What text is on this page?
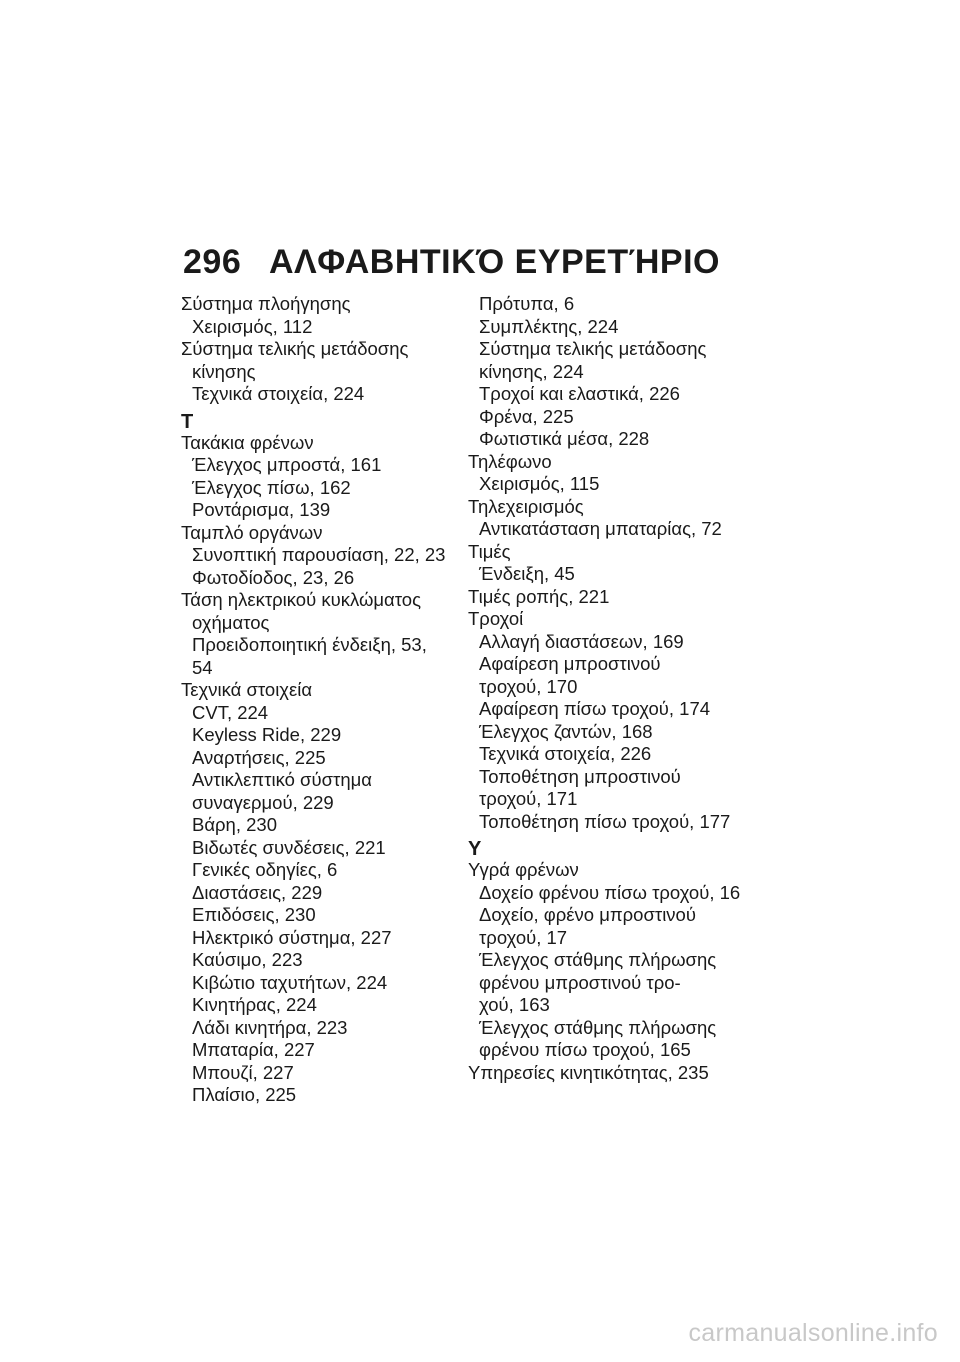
296 ΑΛΦΑΒΗΤΙΚΌ ΕΥΡΕΤΉΡΙΟ
Σύστημα πλοήγησης
Χειρισμός, 112
Σύστημα τελικής μετάδοσης
κίνησης
Τεχνικά στοιχεία, 224
Τ
Τακάκια φρένων
Έλεγχος μπροστά, 161
Έλεγχος πίσω, 162
Ροντάρισμα, 139
Ταμπλό οργάνων
Συνοπτική παρουσίαση, 22, 23
Φωτοδίοδος, 23, 26
Τάση ηλεκτρικού κυκλώματος
οχήματος
Προειδοποιητική ένδειξη, 53,
54
Τεχνικά στοιχεία
CVT, 224
Keyless Ride, 229
Αναρτήσεις, 225
Αντικλεπτικό σύστημα
συναγερμού, 229
Βάρη, 230
Βιδωτές συνδέσεις, 221
Γενικές οδηγίες, 6
Διαστάσεις, 229
Επιδόσεις, 230
Ηλεκτρικό σύστημα, 227
Καύσιμο, 223
Κιβώτιο ταχυτήτων, 224
Κινητήρας, 224
Λάδι κινητήρα, 223
Μπαταρία, 227
Μπουζί, 227
Πλαίσιο, 225
Πρότυπα, 6
Συμπλέκτης, 224
Σύστημα τελικής μετάδοσης
κίνησης, 224
Τροχοί και ελαστικά, 226
Φρένα, 225
Φωτιστικά μέσα, 228
Τηλέφωνο
Χειρισμός, 115
Τηλεχειρισμός
Αντικατάσταση μπαταρίας, 72
Τιμές
Ένδειξη, 45
Τιμές ροπής, 221
Τροχοί
Αλλαγή διαστάσεων, 169
Αφαίρεση μπροστινού
τροχού, 170
Αφαίρεση πίσω τροχού, 174
Έλεγχος ζαντών, 168
Τεχνικά στοιχεία, 226
Τοποθέτηση μπροστινού
τροχού, 171
Τοποθέτηση πίσω τροχού, 177
Υ
Υγρά φρένων
Δοχείο φρένου πίσω τροχού, 16
Δοχείο, φρένο μπροστινού
τροχού, 17
Έλεγχος στάθμης πλήρωσης
φρένου μπροστινού τρο-
χού, 163
Έλεγχος στάθμης πλήρωσης
φρένου πίσω τροχού, 165
Υπηρεσίες κινητικότητας, 235
carmanualsonline.info
